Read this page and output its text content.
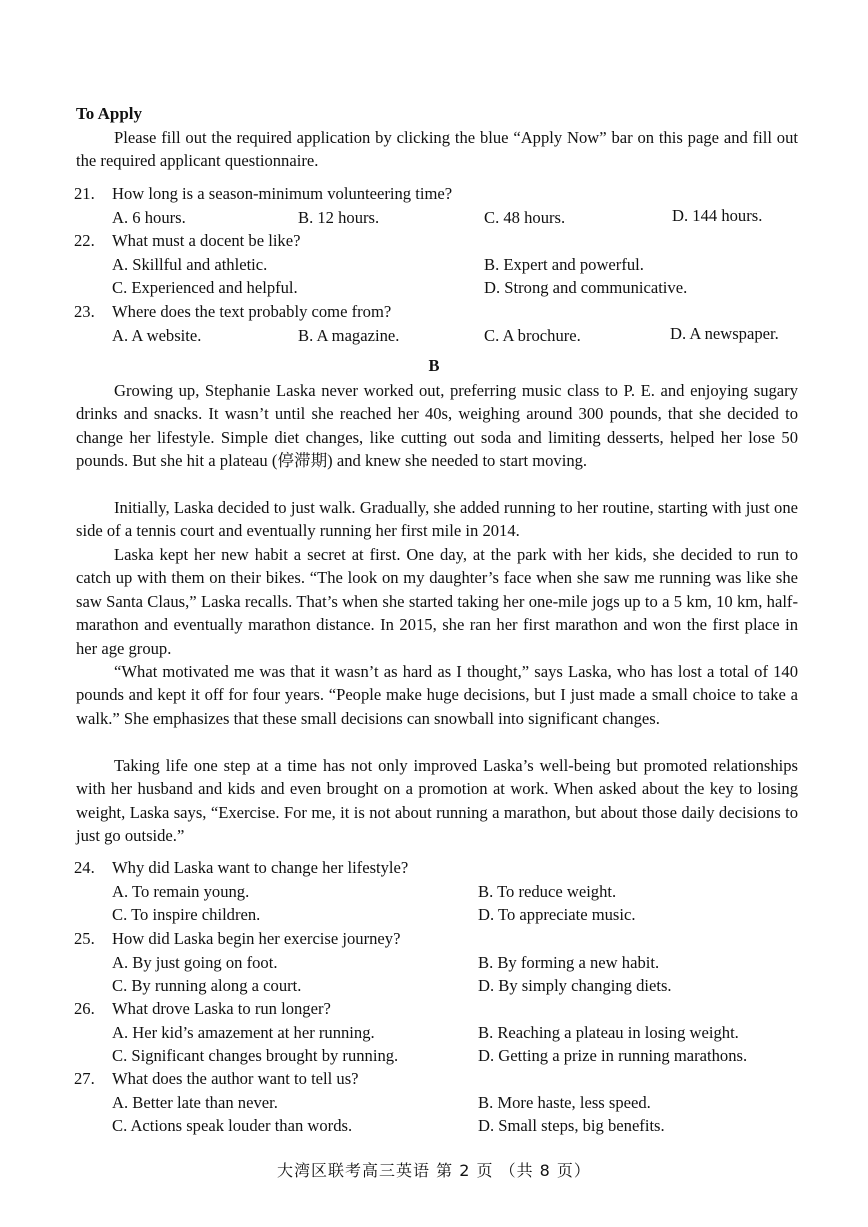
To Apply

Please fill out the required application by clicking the blue “Apply Now” bar on this page and fill out the required applicant questionnaire.

21. How long is a season-minimum volunteering time?
A. 6 hours.	B. 12 hours.	C. 48 hours.	D. 144 hours.
22. What must a docent be like?
A. Skillful and athletic.	B. Expert and powerful.
C. Experienced and helpful.	D. Strong and communicative.
23. Where does the text probably come from?
A. A website.	B. A magazine.	C. A brochure.	D. A newspaper.
B

Growing up, Stephanie Laska never worked out, preferring music class to P. E. and enjoying sugary drinks and snacks. It wasn’t until she reached her 40s, weighing around 300 pounds, that she decided to change her lifestyle. Simple diet changes, like cutting out soda and limiting desserts, helped her lose 50 pounds. But she hit a plateau (停滞期) and knew she needed to start moving.

Initially, Laska decided to just walk. Gradually, she added running to her routine, starting with just one side of a tennis court and eventually running her first mile in 2014.

Laska kept her new habit a secret at first. One day, at the park with her kids, she decided to run to catch up with them on their bikes. “The look on my daughter’s face when she saw me running was like she saw Santa Claus,” Laska recalls. That’s when she started taking her one-mile jogs up to a 5 km, 10 km, half-marathon and eventually marathon distance. In 2015, she ran her first marathon and won the first place in her age group.

“What motivated me was that it wasn’t as hard as I thought,” says Laska, who has lost a total of 140 pounds and kept it off for four years. “People make huge decisions, but I just made a small choice to take a walk.” She emphasizes that these small decisions can snowball into significant changes.

Taking life one step at a time has not only improved Laska’s well-being but promoted relationships with her husband and kids and even brought on a promotion at work. When asked about the key to losing weight, Laska says, “Exercise. For me, it is not about running a marathon, but about those daily decisions to just go outside.”

24. Why did Laska want to change her lifestyle?
A. To remain young.	B. To reduce weight.
C. To inspire children.	D. To appreciate music.
25. How did Laska begin her exercise journey?
A. By just going on foot.	B. By forming a new habit.
C. By running along a court.	D. By simply changing diets.
26. What drove Laska to run longer?
A. Her kid’s amazement at her running.	B. Reaching a plateau in losing weight.
C. Significant changes brought by running.	D. Getting a prize in running marathons.
27. What does the author want to tell us?
A. Better late than never.	B. More haste, less speed.
C. Actions speak louder than words.	D. Small steps, big benefits.
大湾区联考高三英语 第 2 页 （共 8 页）
